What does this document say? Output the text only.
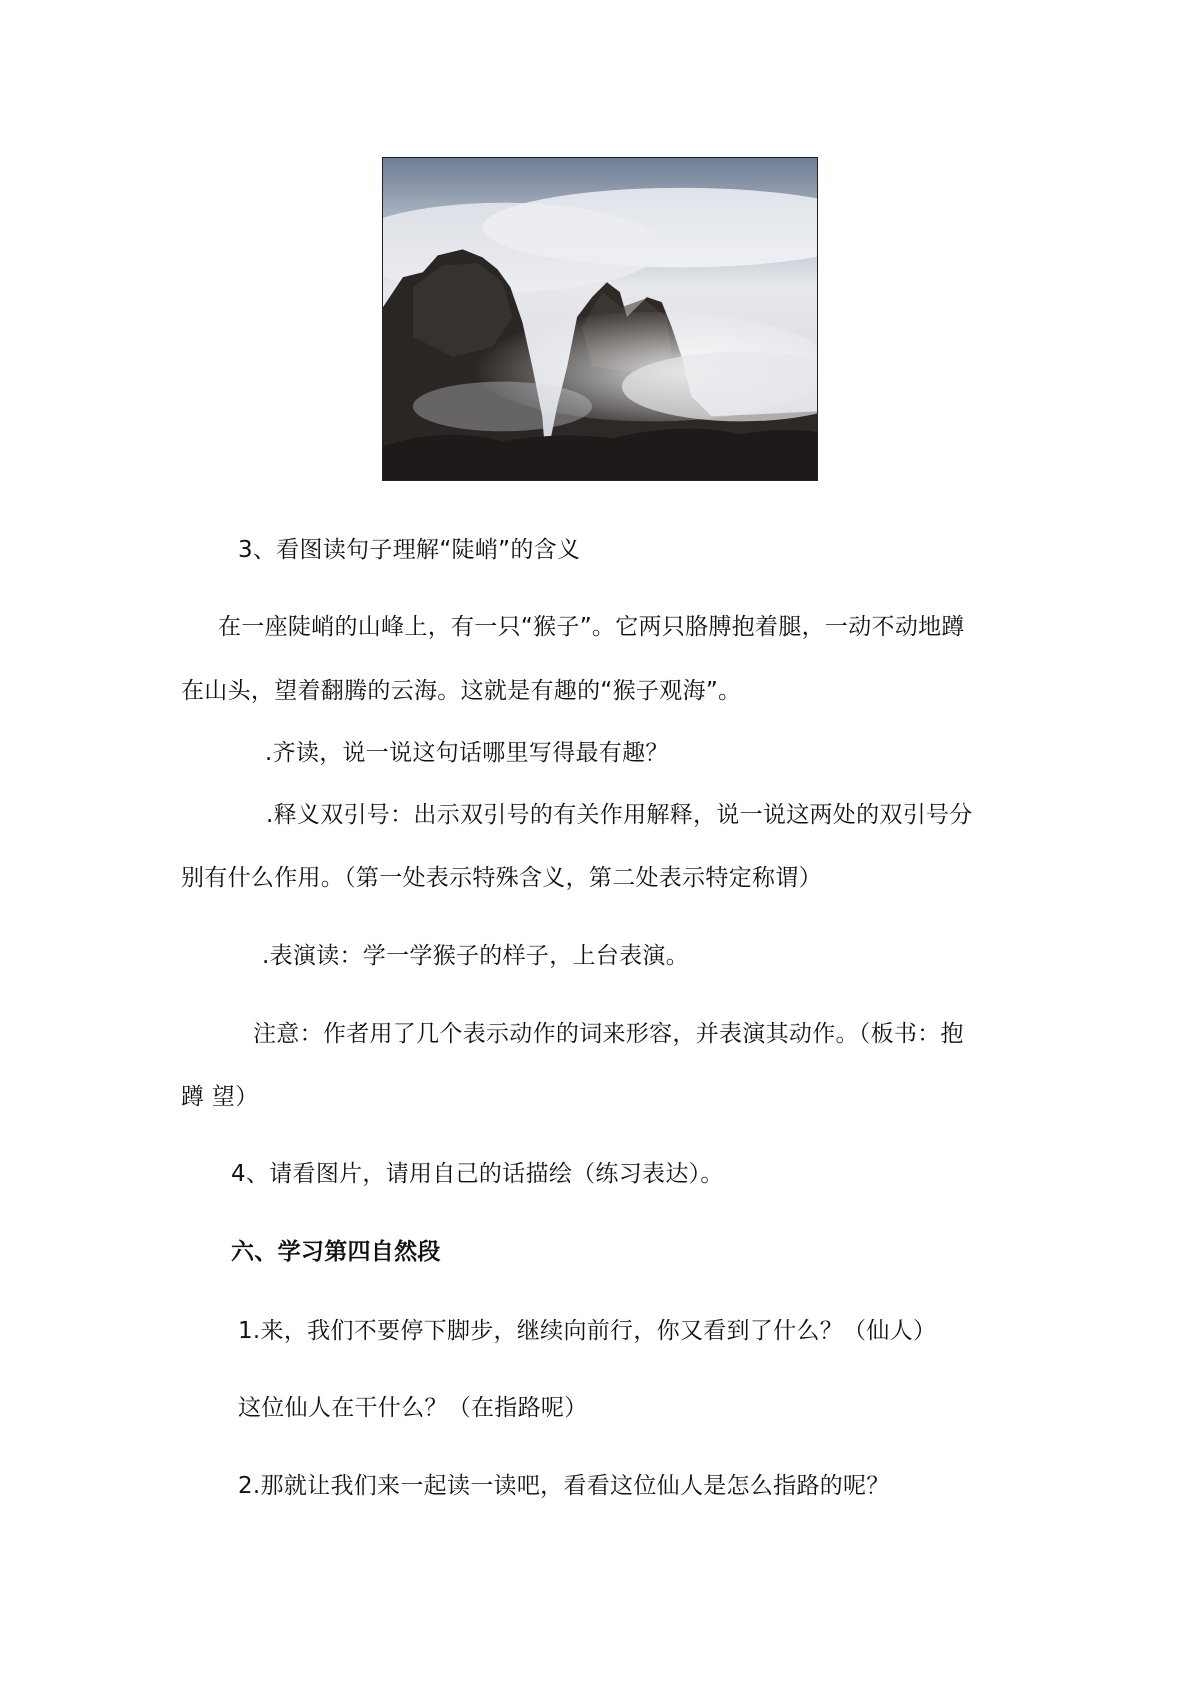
3、看图读句子理解“陡峭”的含义
在一座陡峭的山峰上，有一只“猴子”。它两只胳膊抱着腿，一动不动地蹲
在山头，望着翻腾的云海。这就是有趣的“猴子观海”。
.齐读，说一说这句话哪里写得最有趣？
.释义双引号：出示双引号的有关作用解释，说一说这两处的双引号分
别有什么作用。（第一处表示特殊含义，第二处表示特定称谓）
.表演读：学一学猴子的样子，上台表演。
注意：作者用了几个表示动作的词来形容，并表演其动作。（板书：抱
蹲 望）
4、请看图片，请用自己的话描绘（练习表达）。
六、学习第四自然段
1.来，我们不要停下脚步，继续向前行，你又看到了什么？（仙人）
这位仙人在干什么？（在指路呢）
2.那就让我们来一起读一读吧，看看这位仙人是怎么指路的呢？
